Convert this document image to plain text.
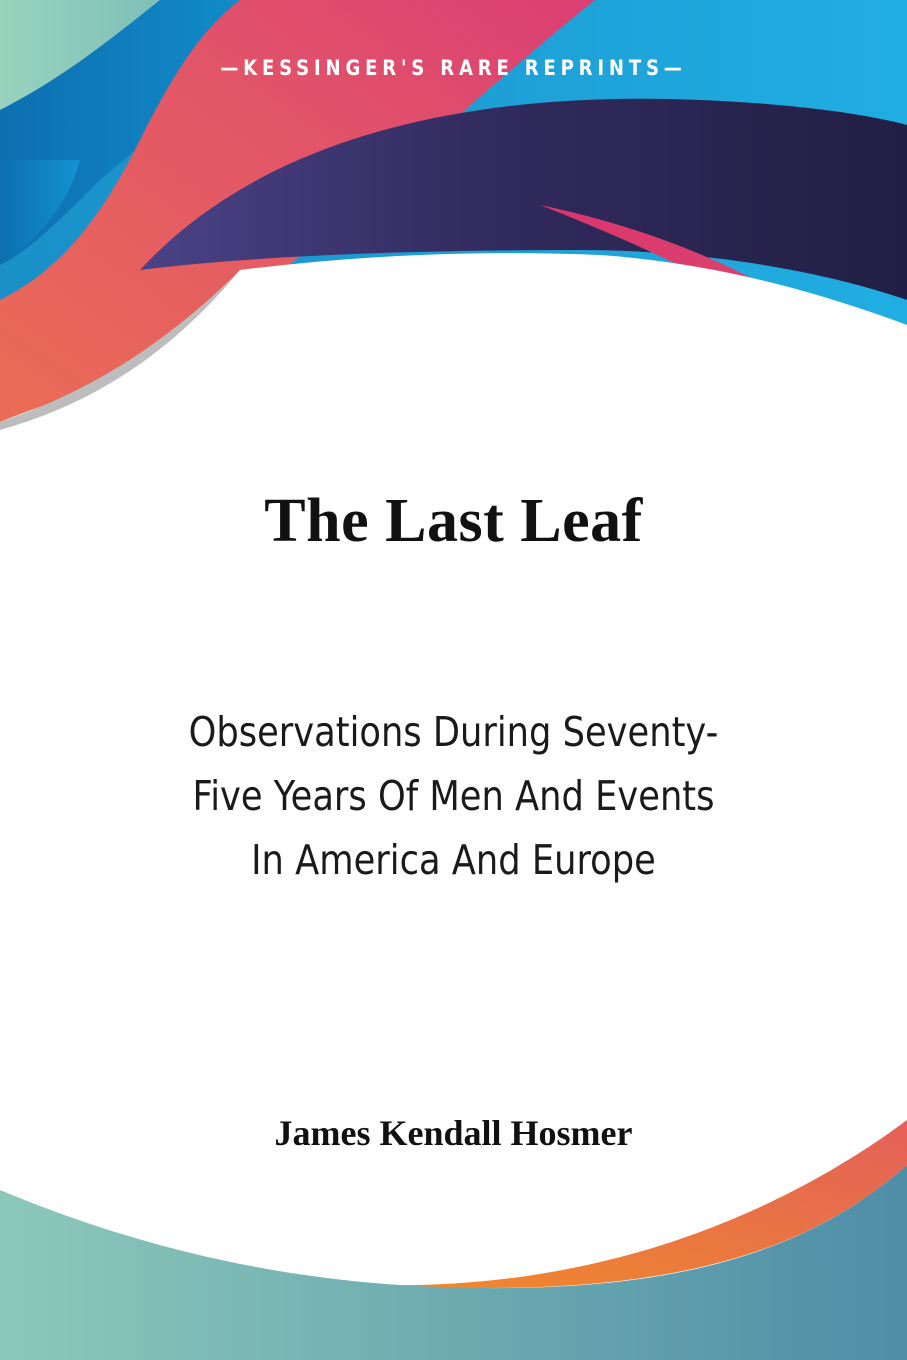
—KESSINGER'S RARE REPRINTS—
The Last Leaf
Observations During Seventy-
Five Years Of Men And Events
In America And Europe
James Kendall Hosmer
